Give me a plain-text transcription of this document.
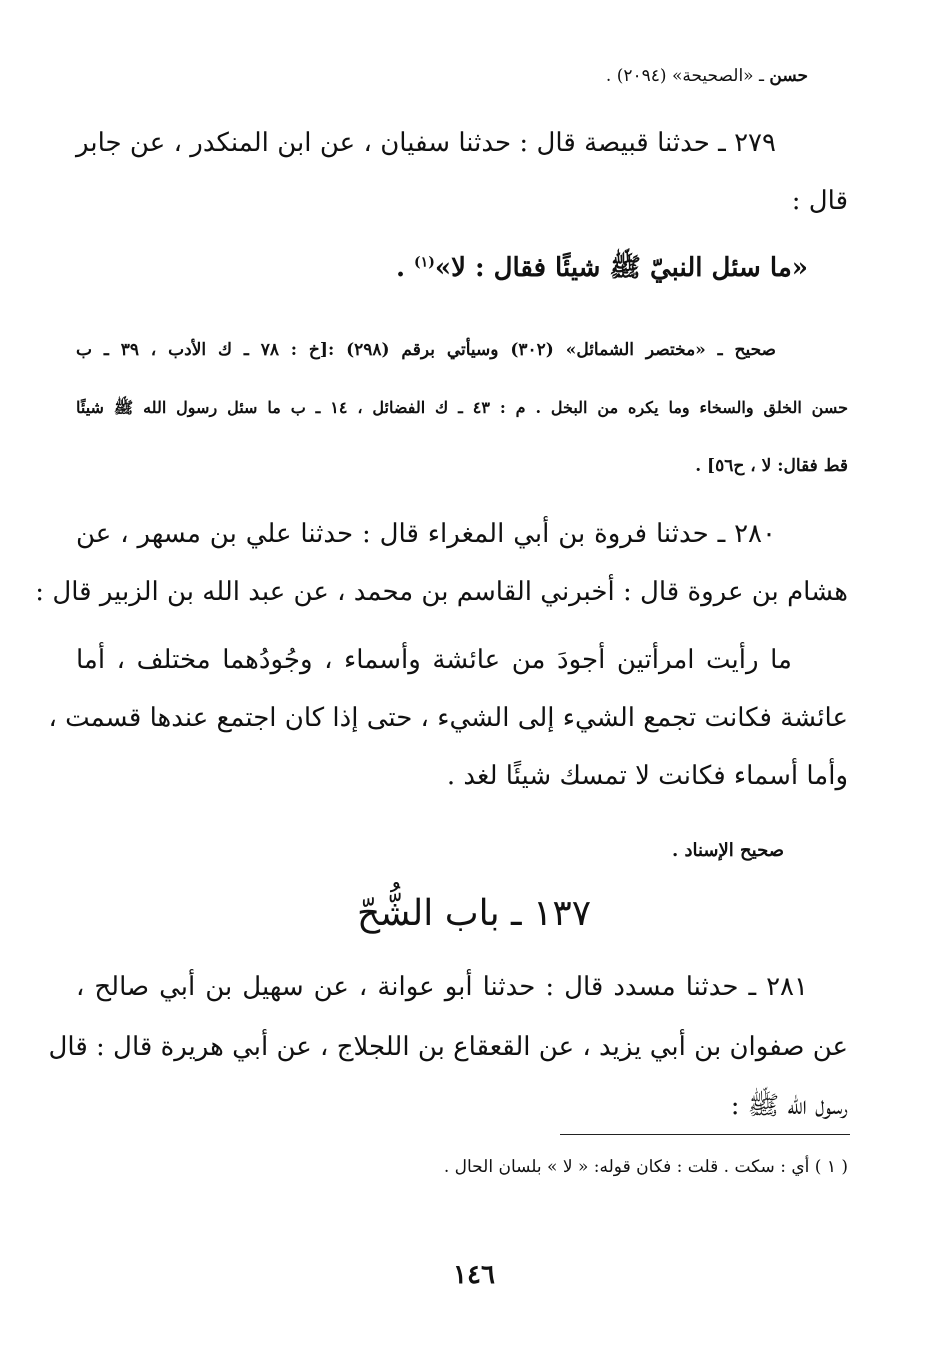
حسن ـ «الصحيحة» (٢٠٩٤) .
٢٧٩ ـ حدثنا قبيصة قال : حدثنا سفيان ، عن ابن المنكدر ، عن جابر
قال :
«ما سئل النبيّ ﷺ شيئًا فقال : لا»$^{(١)}$ .
صحيح ـ «مختصر الشمائل» (٣٠٢) وسيأتي برقم (٢٩٨) :[خ : ٧٨ ـ ك الأدب ، ٣٩ ـ ب
حسن الخلق والسخاء وما يكره من البخل . م : ٤٣ ـ ك الفضائل ، ١٤ ـ ب ما سئل رسول الله ﷺ شيئًا
قط فقال: لا ، ح٥٦] .
٢٨٠ ـ حدثنا فروة بن أبي المغراء قال : حدثنا علي بن مسهر ، عن
هشام بن عروة قال : أخبرني القاسم بن محمد ، عن عبد الله بن الزبير قال :
ما رأيت امرأتين أجودَ من عائشة وأسماء ، وجُودُهما مختلف ، أما
عائشة فكانت تجمع الشيء إلى الشيء ، حتى إذا كان اجتمع عندها قسمت ،
وأما أسماء فكانت لا تمسك شيئًا لغد .
صحيح الإسناد .
١٣٧ ـ باب الشُّحّ
٢٨١ ـ حدثنا مسدد قال : حدثنا أبو عوانة ، عن سهيل بن أبي صالح ،
عن صفوان بن أبي يزيد ، عن القعقاع بن اللجلاج ، عن أبي هريرة قال : قال
رسول الله ﷺ :
( ١ ) أي : سكت . قلت : فكان قوله: « لا » بلسان الحال .
١٤٦
